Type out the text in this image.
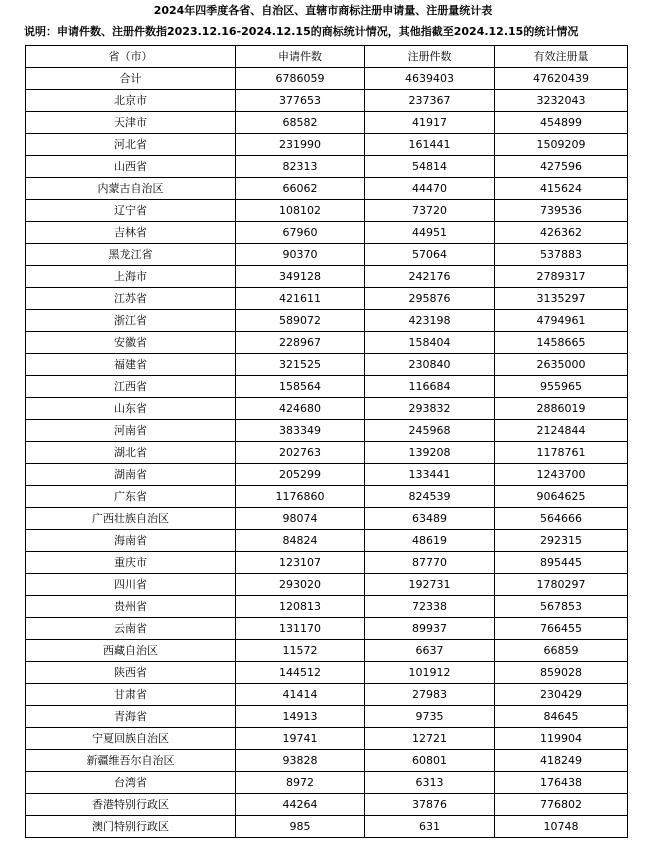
2024年四季度各省、自治区、直辖市商标注册申请量、注册量统计表
说明：申请件数、注册件数指2023.12.16-2024.12.15的商标统计情况，其他指截至2024.12.15的统计情况
省（市）	申请件数	注册件数	有效注册量
合计	6786059	4639403	47620439
北京市	377653	237367	3232043
天津市	68582	41917	454899
河北省	231990	161441	1509209
山西省	82313	54814	427596
内蒙古自治区	66062	44470	415624
辽宁省	108102	73720	739536
吉林省	67960	44951	426362
黑龙江省	90370	57064	537883
上海市	349128	242176	2789317
江苏省	421611	295876	3135297
浙江省	589072	423198	4794961
安徽省	228967	158404	1458665
福建省	321525	230840	2635000
江西省	158564	116684	955965
山东省	424680	293832	2886019
河南省	383349	245968	2124844
湖北省	202763	139208	1178761
湖南省	205299	133441	1243700
广东省	1176860	824539	9064625
广西壮族自治区	98074	63489	564666
海南省	84824	48619	292315
重庆市	123107	87770	895445
四川省	293020	192731	1780297
贵州省	120813	72338	567853
云南省	131170	89937	766455
西藏自治区	11572	6637	66859
陕西省	144512	101912	859028
甘肃省	41414	27983	230429
青海省	14913	9735	84645
宁夏回族自治区	19741	12721	119904
新疆维吾尔自治区	93828	60801	418249
台湾省	8972	6313	176438
香港特别行政区	44264	37876	776802
澳门特别行政区	985	631	10748
